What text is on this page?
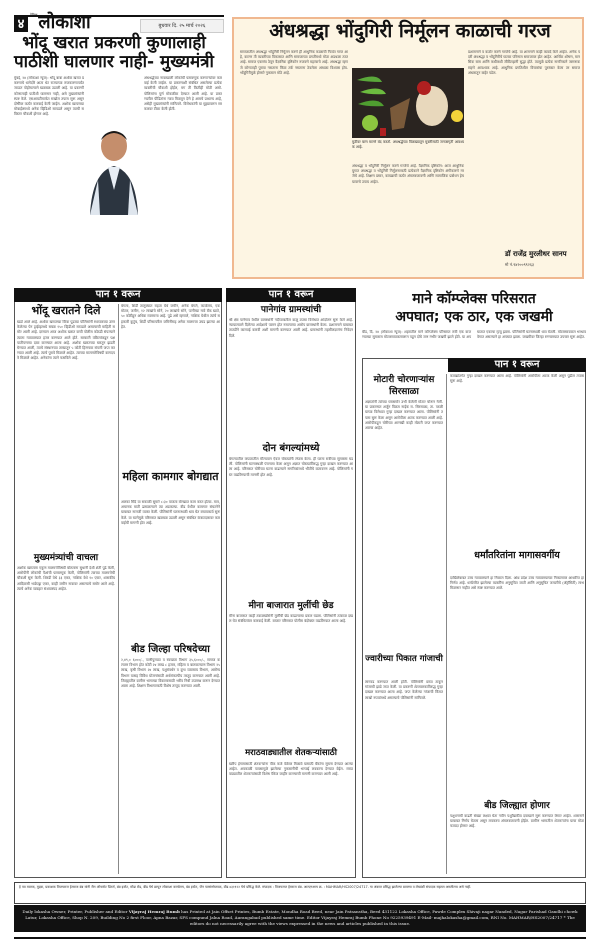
४
दैनिक लोकाशा	बुधवार दि. २५ मार्च २०२६
भोंदू खरात प्रकरणी कुणालाही
पाठीशी घालणार नाही- मुख्यमंत्री
मुंबई, २४ (लोकाशा न्यूज): भोंदू बाबा अशोक खरात प्रकरणाचे धागेदोरे आता थेट राज्याच्या राजकारणापर्यंत जाऊन पोहोचल्याने खळबळ उडाली आहे. या प्रकरणी कोणालाही पाठीशी घालणार नाही, असे मुख्यमंत्र्यांनी स्पष्ट केले. एसआयटीमार्फत सखोल तपास सुरू असून दोषींवर कठोर कारवाई केली जाईल. अशोक खरातच्या मोबाईलमध्ये अनेक व्हिडिओ सापडले असून त्याची सविस्तर चौकशी होणार आहे.
अंधश्रद्धेच्या नावाखाली लोकांची फसवणूक करणाऱ्यांवर कारवाई केली जाईल. या प्रकरणाशी संबंधित असलेल्या प्रत्येक व्यक्तीची चौकशी होईल, मग ती कितीही मोठी असो. पोलिसांना पूर्ण मोकळीक देण्यात आली आहे. या प्रकरणातील पीडितांना न्याय मिळवून देणे हे आमचे प्राधान्य आहे, असेही मुख्यमंत्र्यांनी सांगितले. विरोधकांनी या मुद्द्यावरून सरकारवर टीका केली होती.
अंधश्रद्धा भोंदुगिरी निर्मूलन काळाची गरज
समाजातील अंधश्रद्धा भोंदुगिरी निर्मूलन करणे ही आधुनिक काळाची नितांत गरज आहे, कारण ती व्यक्तीच्या विकासात आणि समाजाच्या प्रगतीमध्ये मोठा अडथळा ठरत आहे. समाज एकसंघ ठेवून वैज्ञानिक दृष्टिकोन रुजवणे महत्त्वाचे आहे. अंधश्रद्धा म्हणजे कोणताही पुरावा नसताना किंवा तर्क नसताना ठेवलेला आंधळा विश्वास होय. भोंदुगिरीमुळे होणारे नुकसान मोठे आहे.
मुठीवर बाण मारणे बंद करतो. अंधश्रद्धेच्या विळख्यातून मुक्तीसाठी जनजागृती आवश्यक आहे.
अंधश्रद्धा व भोंदुगिरी निर्मूलन करणे गरजेचे आहे. वैज्ञानिक दृष्टिकोन: आज आधुनिक युगात अंधश्रद्धा व भोंदुगिरी निर्मूलनासाठी प्रत्येकाने वैज्ञानिक दृष्टिकोन अंगीकारणे गरजेचे आहे. शिक्षण प्रसार, कायद्याची कठोर अंमलबजावणी आणि सामाजिक प्रबोधन हेच यावरचे उपाय आहेत.
प्रशासनाने व कठोर करणे गरजेचे आहे. या शासनाने काही कायदे केले आहेत. अनेक पदरी अंधश्रद्धा व भोंदुगिरीचे घातक परिणाम समाजावर होत आहेत. आर्थिक शोषण, मानसिक त्रास आणि कधीकधी जीवितहानी सुद्धा होते. त्यामुळे प्रत्येक नागरिकाने जागरूक राहणे आवश्यक आहे. आधुनिक प्रगतिशील विचारांचा पुरस्कार केला तर समाज अंधारातून बाहेर पडेल.
डॉ राजेंद्र मुरलीधर सानप
मो नं.९४२००९९२६३
पान १ वरून
भोंदू खरातने दिले
खर्डा आलं आहे. अशोक खरातच्या किंवा पुढच्या पोलिसांनी स्थापकच्या उत्तर केलेल्या पेन ड्राईव्हमध्ये सबळ १५० व्हिडीओ सापडले असल्याची माहिती समोर आली आहे. दरम्यान आज अशोक खरात याची पोलीस कोठडी संपल्याने त्याला न्यायालयात हजर करण्यात आले होते. सरकारी वकिलांकडून पक्षपातीपणाचा दावा करण्यात आला आहे. अशोक खरातच्या घरातून झडती घेण्यात आली, त्याचे संस्थानच्या ताब्यातून ५ कोटी हिरण्यक संपत्ती जप्त करण्यात आली आहे. त्याचे पुरावे मिळाले आहेत. त्याच्या मालमत्तेविषयी कागदपत्रे मिळाले आहेत. अनेकांना त्याने फसविले आहे.
मुख्यमंत्र्यांची वाचला
अशोक खरातला एकूण मालमत्तेविषयी बोलताना सुधानी देशी शेती पुढे केली, आरोपीनी लोकांची पैशांची फसवणूक केली, पोलिसांनी त्याच्या मालमत्तेची चौकशी सुरू केली. शिरडी येथे ३३ एकर, नाशिक येथे १० एकर, शासकीय आदिवासी भाडेपट्टा एकर, काही जमीन नावावर असल्याचे समोर आले आहे. त्याचे अनेक व्यवहार संशयास्पद आहेत.
बंगला, शिर्डी तालुक्यात राहता येथे जमीन, अनेक बंगले, कार्यालय, एक मोटार, जमीन, १२ लाखांचे सोने, २० लाखांचे सोने, पत्नीच्या नावे बँक खाते, ५० कोटीहून अधिक मालमत्ता आहे. पुढे असे म्हणाले, नाशिक येथील त्यांचे सहकारी कुटुंब, शिर्डी परिसरातील जमिनीसह अनेक मालमत्ता उघड झाल्या आहेत.
महिला कामगार बोगद्यात
अलका सिंदे या सकाळी सुमारे ८:३० वाजता बोगद्यात काम करत होत्या. मात्र, अचानक माती ढासळल्याने त्या अडकल्या. बीड येथील कामगार संघटनेने याबाबत नाराजी व्यक्त केली. पोलिसांनी घटनास्थळी धाव घेत बचावकार्य सुरू केले. या घटनेमुळे परिसरात खळबळ उडाली असून संबंधित कंत्राटदारावर कारवाईची मागणी होत आहे.
बीड जिल्हा परिषदेच्या
२,४९,० ६०००/-, पाणीपुरवठा व स्वच्छता विभाग ३५,६०००/-, समाज कल्याण विभाग होत कोटी २४ लाख ८ हजार, महिला व बालकल्याण विभाग २५ लाख, कृषी विभाग २४ लाख, पशुसंवर्धन व दुग्ध व्यवसाय विभाग, आरोग्य विभाग यासह विविध योजनांसाठी अर्थसंकल्पीय तरतूद करण्यात आली आहे. जिल्ह्यातील ग्रामीण भागाच्या विकासासाठी भरीव निधी उपलब्ध करून देण्यात आला आहे. शिक्षण विभागासाठी विशेष तरतूद करण्यात आली.
पान १ वरून
पानेगांव ग्रामस्थांची
श्री क्षेत्र पानेगाव येथील ग्रामस्थांनी नदीपात्रातील वाळू उपसा विरोधात आंदोलन सुरू केले आहे. न्यायालयाने दिलेल्या आदेशाचे पालन होत नसल्याचा आरोप ग्रामस्थांनी केला. प्रशासनाने याबाबत तातडीने कारवाई करावी अशी मागणी करण्यात आली आहे. ग्रामस्थांनी तहसीलदारांना निवेदन दिले.
दोन बंगल्यांमध्ये
बंगल्यातील कपाटातील मौल्यवान ऐवज चोरट्यांनी लंपास केला. ही घटना रात्रीच्या सुमारास घडली. पोलिसांनी घटनास्थळी पंचनामा केला असून अज्ञात चोरट्यांविरुद्ध गुन्हा दाखल करण्यात आला आहे. परिसरात चोरीच्या घटना वाढल्याने नागरिकांमध्ये भीतीचे वातावरण आहे. पोलिसांनी गस्त वाढविण्याची मागणी होत आहे.
मीना बाजारात मुलींची छेड
मीना बाजारात काही टवाळखोरांनी मुलींची छेड काढल्याचा प्रकार घडला. पोलिसांनी तत्काळ दखल घेत संबंधितांवर कारवाई केली. बाजार परिसरात पोलीस बंदोबस्त वाढविण्यात आला आहे.
मराठवाड्यातील शेतकऱ्यांसाठी
खरीप हंगामासाठी शेतकऱ्यांना पीक कर्ज वेळेवर मिळावे यासाठी बँकांना सूचना देण्यात आल्या आहेत. अवकाळी पावसामुळे झालेल्या नुकसानीची भरपाई लवकरच देण्यात येईल. मराठवाड्यातील शेतकऱ्यांसाठी विशेष पॅकेज जाहीर करण्याची मागणी करण्यात आली आहे.
माने कॉम्प्लेक्स परिसरात
अपघात; एक ठार, एक जखमी
बीड, दि. २४ (लोकाशा न्यूज): शहरातील माने कॉम्प्लेक्स परिसरात रात्री एक वाजण्याच्या सुमारास मोटारसायकलवरून पडून दोघे जण गंभीर जखमी झाले होते. या अपघातात एकाचा मृत्यू झाला. पोलिसांनी घटनास्थळी धाव घेतली. मोटारसायकल भरधाव वेगात असल्याने हा अपघात झाला. जखमीवर जिल्हा रुग्णालयात उपचार सुरू आहेत.
पान १ वरून
मोटारी चोरणाऱ्यांस सिरसाळा
अज्ञातांनी त्यांच्या घरासमोर उभी केलेली मोटार चोरून नेली. या प्रकरणात अर्जुन विक्रम नाईक रा. सिरसाळा, ता. परळी याच्या विरोधात गुन्हा दाखल करण्यात आला. पोलिसांनी तपास सुरू केला असून आरोपीला अटक करण्यात आली आहे. आरोपीकडून चोरीच्या आणखी काही मोटारी जप्त करण्यात आल्या आहेत.
ज्वारीच्या पिकात गांजाची
लागवड करण्यात आली होती. पोलिसांनी छापा टाकून गांजाची झाडे जप्त केली. या प्रकरणी शेतमालकाविरुद्ध गुन्हा दाखल करण्यात आला आहे. जप्त केलेल्या गांजाची किंमत लाखो रुपयांमध्ये असल्याचे पोलिसांनी सांगितले.
कायद्यांतर्गत गुन्हा दाखल करण्यात आला आहे. पोलिसांनी आरोपीला अटक केली असून पुढील तपास सुरू आहे.
धर्मांतरितांना मागासवर्गीय
दाखिलेबाबत उच्च न्यायालयाने हा निकाल दिला. आंध्र प्रदेश उच्च न्यायालयाच्या निकालावर आधारित हा निर्णय आहे. धर्मांतरित झालेल्या व्यक्तींना अनुसूचित जाती आणि अनुसूचित जमातीचे (ॲट्रॉसिटी) लाभ मिळणार नाहीत असे स्पष्ट करण्यात आले.
बीड जिल्ह्यात होणार
पशुधनाची वाढती संख्या लक्षात घेता नवीन पशुवैद्यकीय दवाखाने सुरू करण्यात येणार आहेत. शासनाने याबाबत निर्णय घेतला असून लवकरच अंमलबजावणी होईल. ग्रामीण भागातील शेतकऱ्यांना याचा मोठा फायदा होणार आहे.
हे पत्र मालक, मुद्रक, प्रकाशक विजयराज हेमराज बंब यांनी जैन ऑफसेट प्रिंटर्स, बंब इस्टेट, मोंढा रोड, बीड येथे छापून लोकाशा कार्यालय, बंब इस्टेट, जैन पतसंस्थेजवळ, बीड ४३११२२ येथे प्रसिद्ध केले. संपादक : विजयराज हेमराज बंब. आरएनआय क्र. : MAHMAR/HS2007/24717. या अंकात प्रसिद्ध झालेल्या बातम्या व लेखांशी संपादक सहमत असतीलच असे नाही.
Daily lokasha Owner, Printer, Publisher and Editor Vijayraj Hemraj Bumb has Printed at Jain Offset Printes, Bumb Estate, Mondha Road Beed, near Jain Patsanstha, Beed 431122 Lokasha Office, Pawde Complex Shivaji nagar Nanded, Nagar Parishad Gandhi chowk Latur, Lokasha Office, Shop N. 209, Building No 2 first Floor, Apna Bazar, SFS compund Jalna Road, Aurangabad published same time. Editor Vijayraj Hemraj Bumb Phone No 9225939491 E-Mail- majhalokasha@gmail.com, RNI No. MAHMAR/HS2007/24717 * The editors do not necessarily agree with the views expressed in the news and articles published in this issue.
